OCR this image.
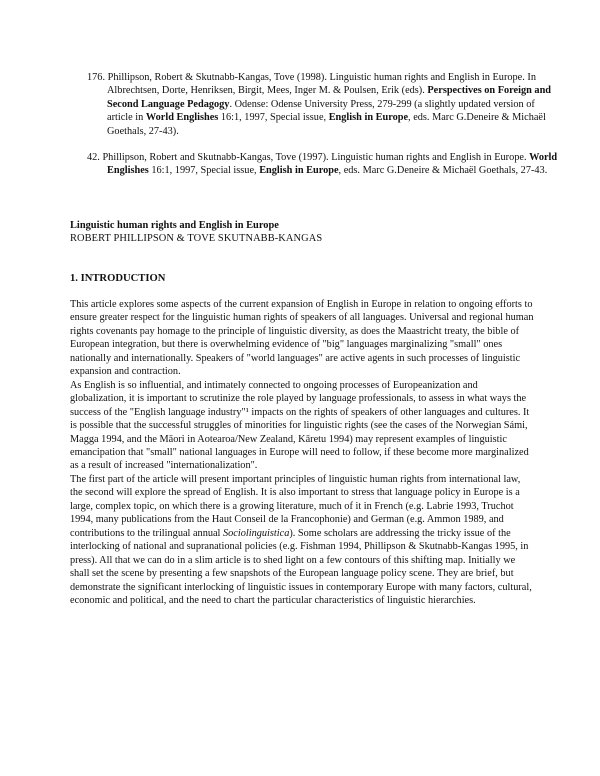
176. Phillipson, Robert & Skutnabb-Kangas, Tove (1998). Linguistic human rights and English in Europe. In Albrechtsen, Dorte, Henriksen, Birgit, Mees, Inger M. & Poulsen, Erik (eds). Perspectives on Foreign and Second Language Pedagogy. Odense: Odense University Press, 279-299 (a slightly updated version of article in World Englishes 16:1, 1997, Special issue, English in Europe, eds. Marc G.Deneire & Michaël Goethals, 27-43).
42. Phillipson, Robert and Skutnabb-Kangas, Tove (1997). Linguistic human rights and English in Europe. World Englishes 16:1, 1997, Special issue, English in Europe, eds. Marc G.Deneire & Michaël Goethals, 27-43.
Linguistic human rights and English in Europe
ROBERT PHILLIPSON & TOVE SKUTNABB-KANGAS
1. INTRODUCTION

This article explores some aspects of the current expansion of English in Europe in relation to ongoing efforts to ensure greater respect for the linguistic human rights of speakers of all languages. Universal and regional human rights covenants pay homage to the principle of linguistic diversity, as does the Maastricht treaty, the bible of European integration, but there is overwhelming evidence of "big" languages marginalizing "small" ones nationally and internationally. Speakers of "world languages" are active agents in such processes of linguistic expansion and contraction.

As English is so influential, and intimately connected to ongoing processes of Europeanization and globalization, it is important to scrutinize the role played by language professionals, to assess in what ways the success of the "English language industry"¹ impacts on the rights of speakers of other languages and cultures. It is possible that the successful struggles of minorities for linguistic rights (see the cases of the Norwegian Sámi, Magga 1994, and the Māori in Aotearoa/New Zealand, Kāretu 1994) may represent examples of linguistic emancipation that "small" national languages in Europe will need to follow, if these become more marginalized as a result of increased "internationalization".

The first part of the article will present important principles of linguistic human rights from international law, the second will explore the spread of English. It is also important to stress that language policy in Europe is a large, complex topic, on which there is a growing literature, much of it in French (e.g. Labrie 1993, Truchot 1994, many publications from the Haut Conseil de la Francophonie) and German (e.g. Ammon 1989, and contributions to the trilingual annual Sociolinguistica). Some scholars are addressing the tricky issue of the interlocking of national and supranational policies (e.g. Fishman 1994, Phillipson & Skutnabb-Kangas 1995, in press). All that we can do in a slim article is to shed light on a few contours of this shifting map. Initially we shall set the scene by presenting a few snapshots of the European language policy scene. They are brief, but demonstrate the significant interlocking of linguistic issues in contemporary Europe with many factors, cultural, economic and political, and the need to chart the particular characteristics of linguistic hierarchies.
